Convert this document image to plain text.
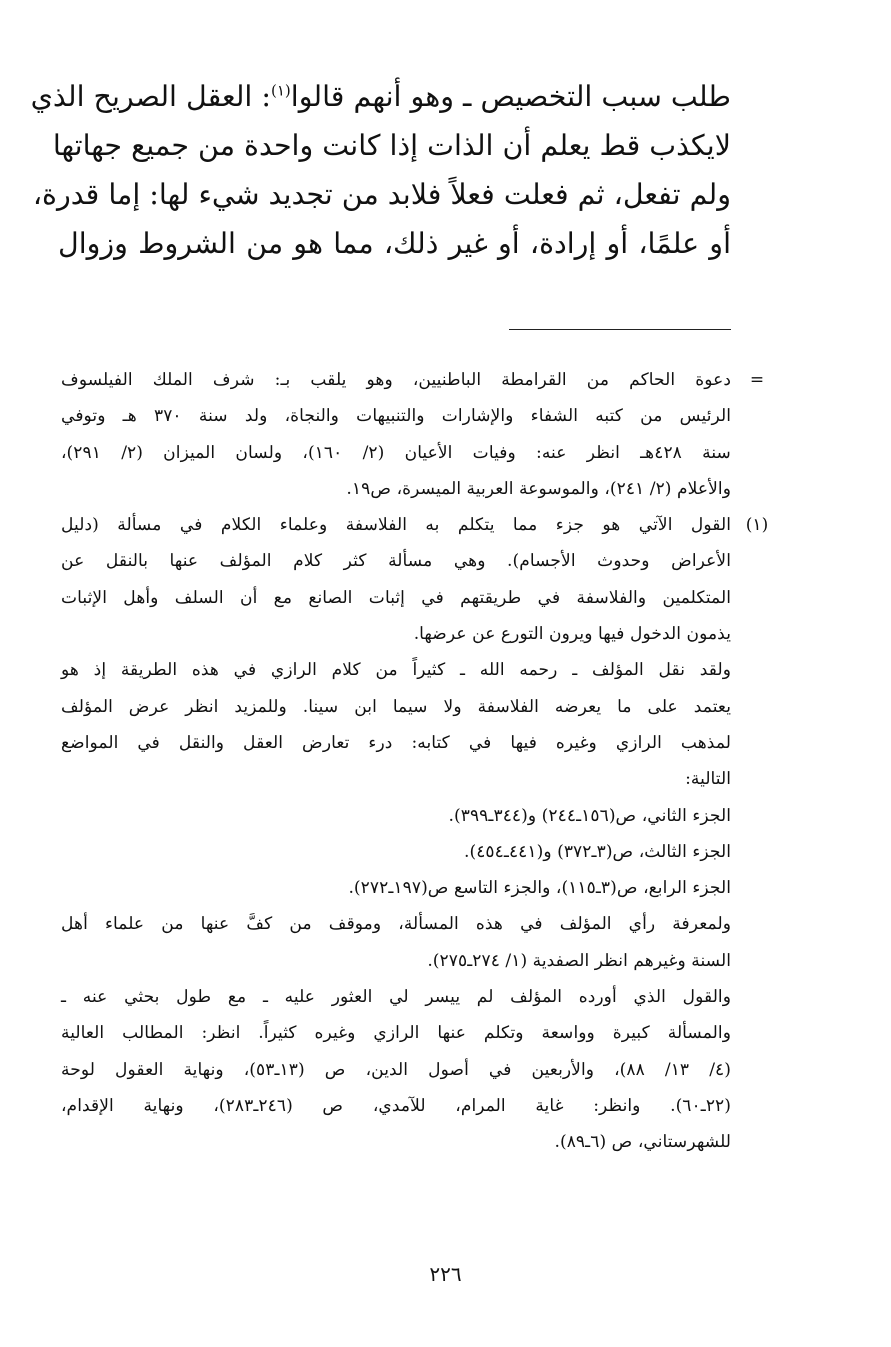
طلب سبب التخصيص ـ وهو أنهم قالوا$^{(١)}$: العقل الصريح الذي
لايكذب قط يعلم أن الذات إذا كانت واحدة من جميع جهاتها
ولم تفعل، ثم فعلت فعلاً فلابد من تجديد شيء لها: إما قدرة،
أو علمًا، أو إرادة، أو غير ذلك، مما هو من الشروط وزوال
=
دعوة الحاكم من القرامطة الباطنيين، وهو يلقب بـ: شرف الملك الفيلسوف
الرئيس من كتبه الشفاء والإشارات والتنبيهات والنجاة، ولد سنة ٣٧٠ هـ وتوفي
سنة ٤٢٨هـ انظر عنه: وفيات الأعيان (٢/ ١٦٠)، ولسان الميزان (٢/ ٢٩١)،
والأعلام (٢/ ٢٤١)، والموسوعة العربية الميسرة، ص١٩.
(١)
القول الآتي هو جزء مما يتكلم به الفلاسفة وعلماء الكلام في مسألة (دليل
الأعراض وحدوث الأجسام). وهي مسألة كثر كلام المؤلف عنها بالنقل عن
المتكلمين والفلاسفة في طريقتهم في إثبات الصانع مع أن السلف وأهل الإثبات
يذمون الدخول فيها ويرون التورع عن عرضها.
ولقد نقل المؤلف ـ رحمه الله ـ كثيراً من كلام الرازي في هذه الطريقة إذ هو
يعتمد على ما يعرضه الفلاسفة ولا سيما ابن سينا. وللمزيد انظر عرض المؤلف
لمذهب الرازي وغيره فيها في كتابه: درء تعارض العقل والنقل في المواضع
التالية:
الجزء الثاني، ص(١٥٦ـ٢٤٤) و(٣٤٤ـ٣٩٩).
الجزء الثالث، ص(٣ـ٣٧٢) و(٤٤١ـ٤٥٤).
الجزء الرابع، ص(٣ـ١١٥)، والجزء التاسع ص(١٩٧ـ٢٧٢).
ولمعرفة رأي المؤلف في هذه المسألة، وموقف من كفَّ عنها من علماء أهل
السنة وغيرهم انظر الصفدية (١/ ٢٧٤ـ٢٧٥).
والقول الذي أورده المؤلف لم ييسر لي العثور عليه ـ مع طول بحثي عنه ـ
والمسألة كبيرة وواسعة وتكلم عنها الرازي وغيره كثيراً. انظر: المطالب العالية
(٤/ ١٣/ ٨٨)، والأربعين في أصول الدين، ص (١٣ـ٥٣)، ونهاية العقول لوحة
(٢٢ـ٦٠). وانظر: غاية المرام، للآمدي، ص (٢٤٦ـ٢٨٣)، ونهاية الإقدام،
للشهرستاني، ص (٦ـ٨٩).
٢٢٦
